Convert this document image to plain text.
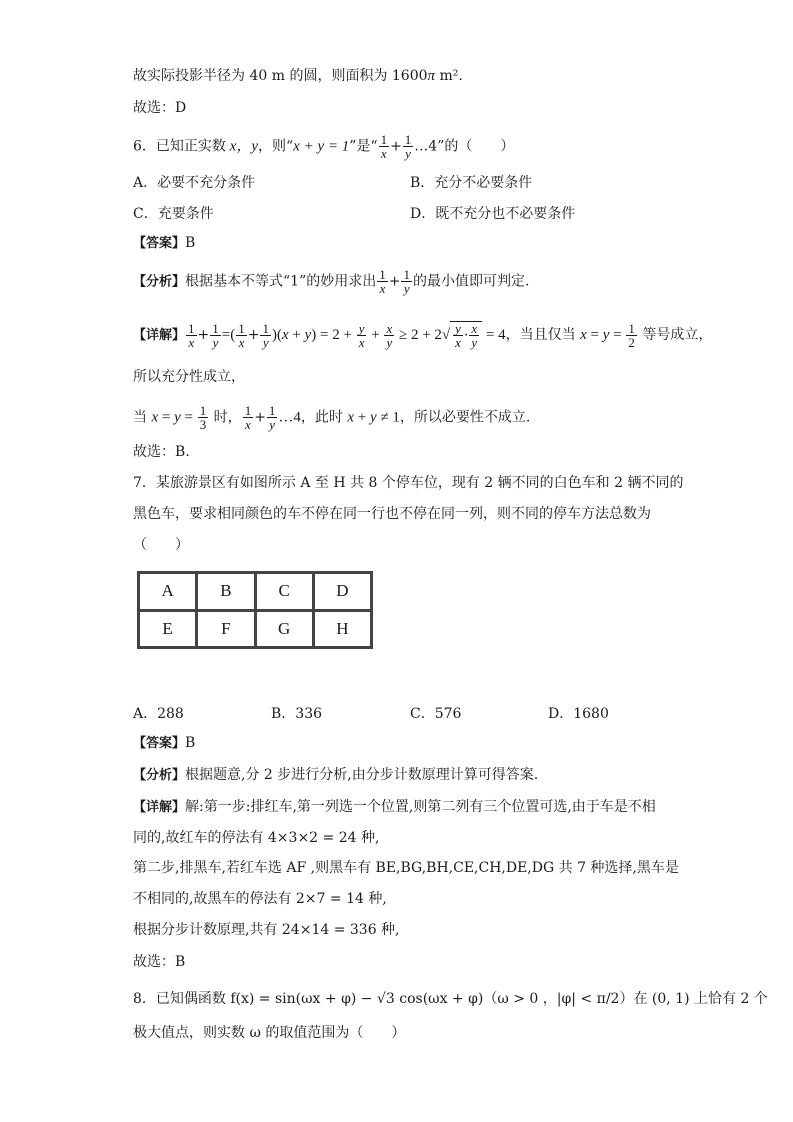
故实际投影半径为 40 m 的圆，则面积为 1600π m².
故选：D
6．已知正实数 x，y，则“x + y = 1”是“ $\frac{1}{x} + \frac{1}{y}$ …4”的（　　）
A．必要不充分条件	B．充分不必要条件
C．充要条件	D．既不充分也不必要条件
【答案】B
【分析】根据基本不等式“1”的妙用求出 $\frac{1}{x} + \frac{1}{y}$ 的最小值即可判定.
【详解】 $\frac{1}{x} + \frac{1}{y}$ =( $\frac{1}{x} + \frac{1}{y} )(x + y) = 2 + \frac{y}{x} + \frac{x}{y} \ge 2 + 2√ \frac{y}{x} \cdot \frac{x}{y} = 4$，当且仅当 $x = y = \frac{1}{2}$ 等号成立，
所以充分性成立，
当 $x = y = \frac{1}{3}$ 时， $\frac{1}{x} + \frac{1}{y}$ …4，此时 x + y ≠ 1，所以必要性不成立.
故选：B.
7．某旅游景区有如图所示 A 至 H 共 8 个停车位，现有 2 辆不同的白色车和 2 辆不同的
黑色车，要求相同颜色的车不停在同一行也不停在同一列，则不同的停车方法总数为
（　　）
A	B	C	D
E	F	G	H
A．288	B．336	C．576	D．1680
【答案】B
【分析】根据题意,分 2 步进行分析,由分步计数原理计算可得答案.
【详解】解:第一步:排红车,第一列选一个位置,则第二列有三个位置可选,由于车是不相
同的,故红车的停法有 4×3×2 = 24 种,
第二步,排黑车,若红车选 AF ,则黑车有 BE,BG,BH,CE,CH,DE,DG 共 7 种选择,黑车是
不相同的,故黑车的停法有 2×7 = 14 种,
根据分步计数原理,共有 24×14 = 336 种,
故选：B
8．已知偶函数 f(x) = sin(ωx + φ) − √3 cos(ωx + φ)（ω > 0 ，|φ| < π/2）在 (0, 1) 上恰有 2 个
极大值点，则实数 ω 的取值范围为（　　）
